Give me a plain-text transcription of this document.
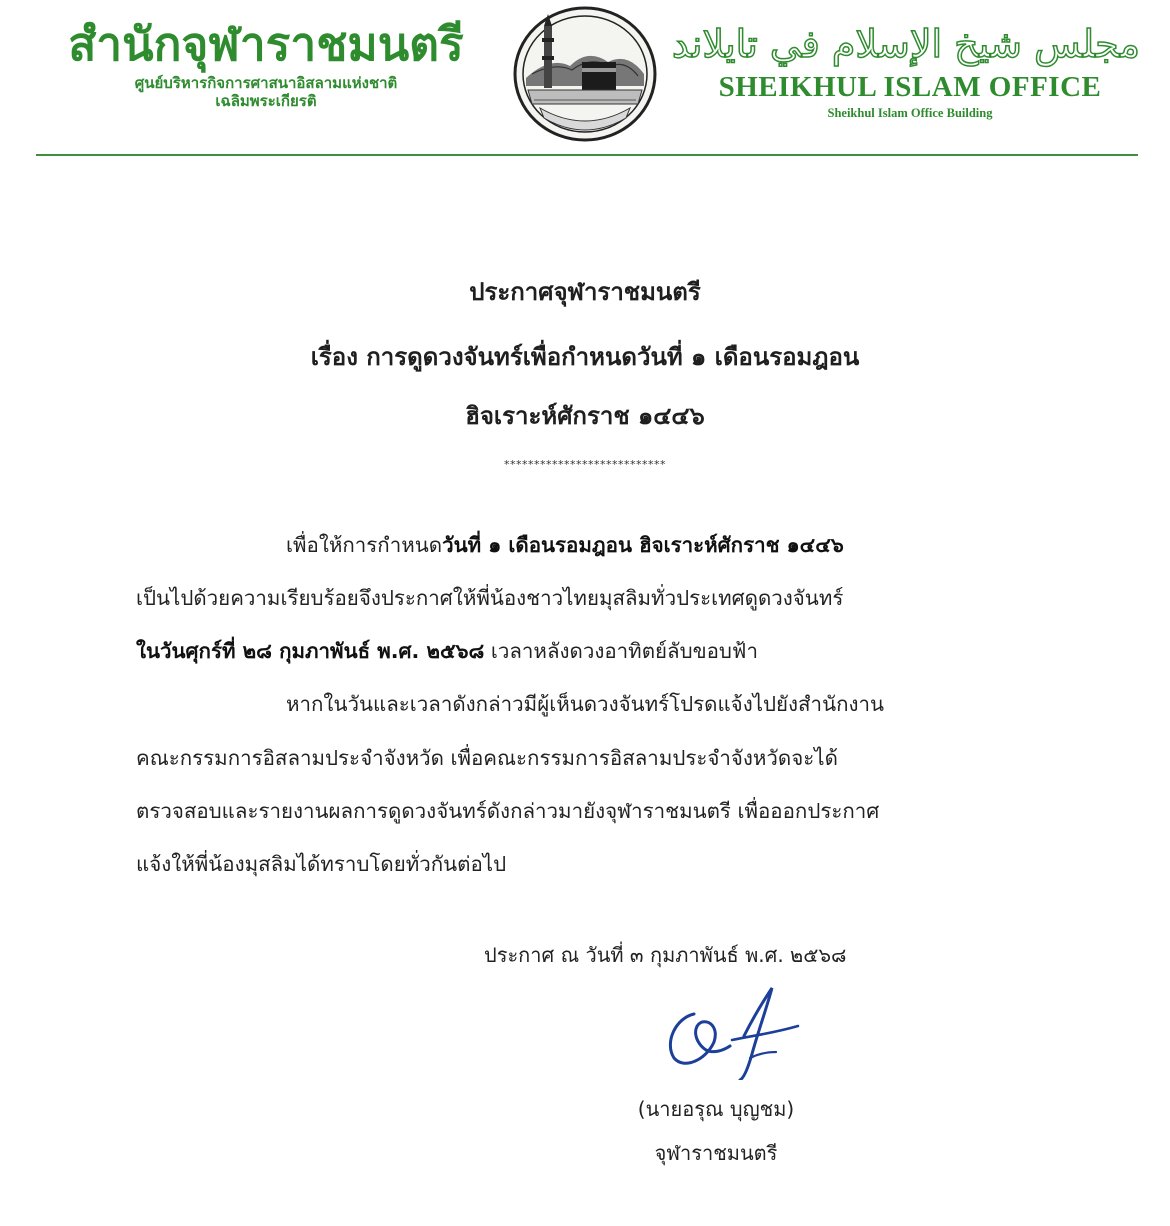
สำนักจุฬาราชมนตรี
ศูนย์บริหารกิจการศาสนาอิสลามแห่งชาติ
เฉลิมพระเกียรติ
مجلس شيخ الإسلام في تايلاند
SHEIKHUL ISLAM OFFICE
Sheikhul Islam Office Building
ประกาศจุฬาราชมนตรี
เรื่อง การดูดวงจันทร์เพื่อกำหนดวันที่ ๑ เดือนรอมฎอน
ฮิจเราะห์ศักราช ๑๔๔๖
***************************
เพื่อให้การกำหนดวันที่ ๑ เดือนรอมฎอน ฮิจเราะห์ศักราช ๑๔๔๖
เป็นไปด้วยความเรียบร้อยจึงประกาศให้พี่น้องชาวไทยมุสลิมทั่วประเทศดูดวงจันทร์
ในวันศุกร์ที่ ๒๘ กุมภาพันธ์ พ.ศ. ๒๕๖๘ เวลาหลังดวงอาทิตย์ลับขอบฟ้า
หากในวันและเวลาดังกล่าวมีผู้เห็นดวงจันทร์โปรดแจ้งไปยังสำนักงาน
คณะกรรมการอิสลามประจำจังหวัด เพื่อคณะกรรมการอิสลามประจำจังหวัดจะได้
ตรวจสอบและรายงานผลการดูดวงจันทร์ดังกล่าวมายังจุฬาราชมนตรี เพื่อออกประกาศ
แจ้งให้พี่น้องมุสลิมได้ทราบโดยทั่วกันต่อไป
ประกาศ ณ วันที่ ๓ กุมภาพันธ์ พ.ศ. ๒๕๖๘
(นายอรุณ บุญชม)
จุฬาราชมนตรี
